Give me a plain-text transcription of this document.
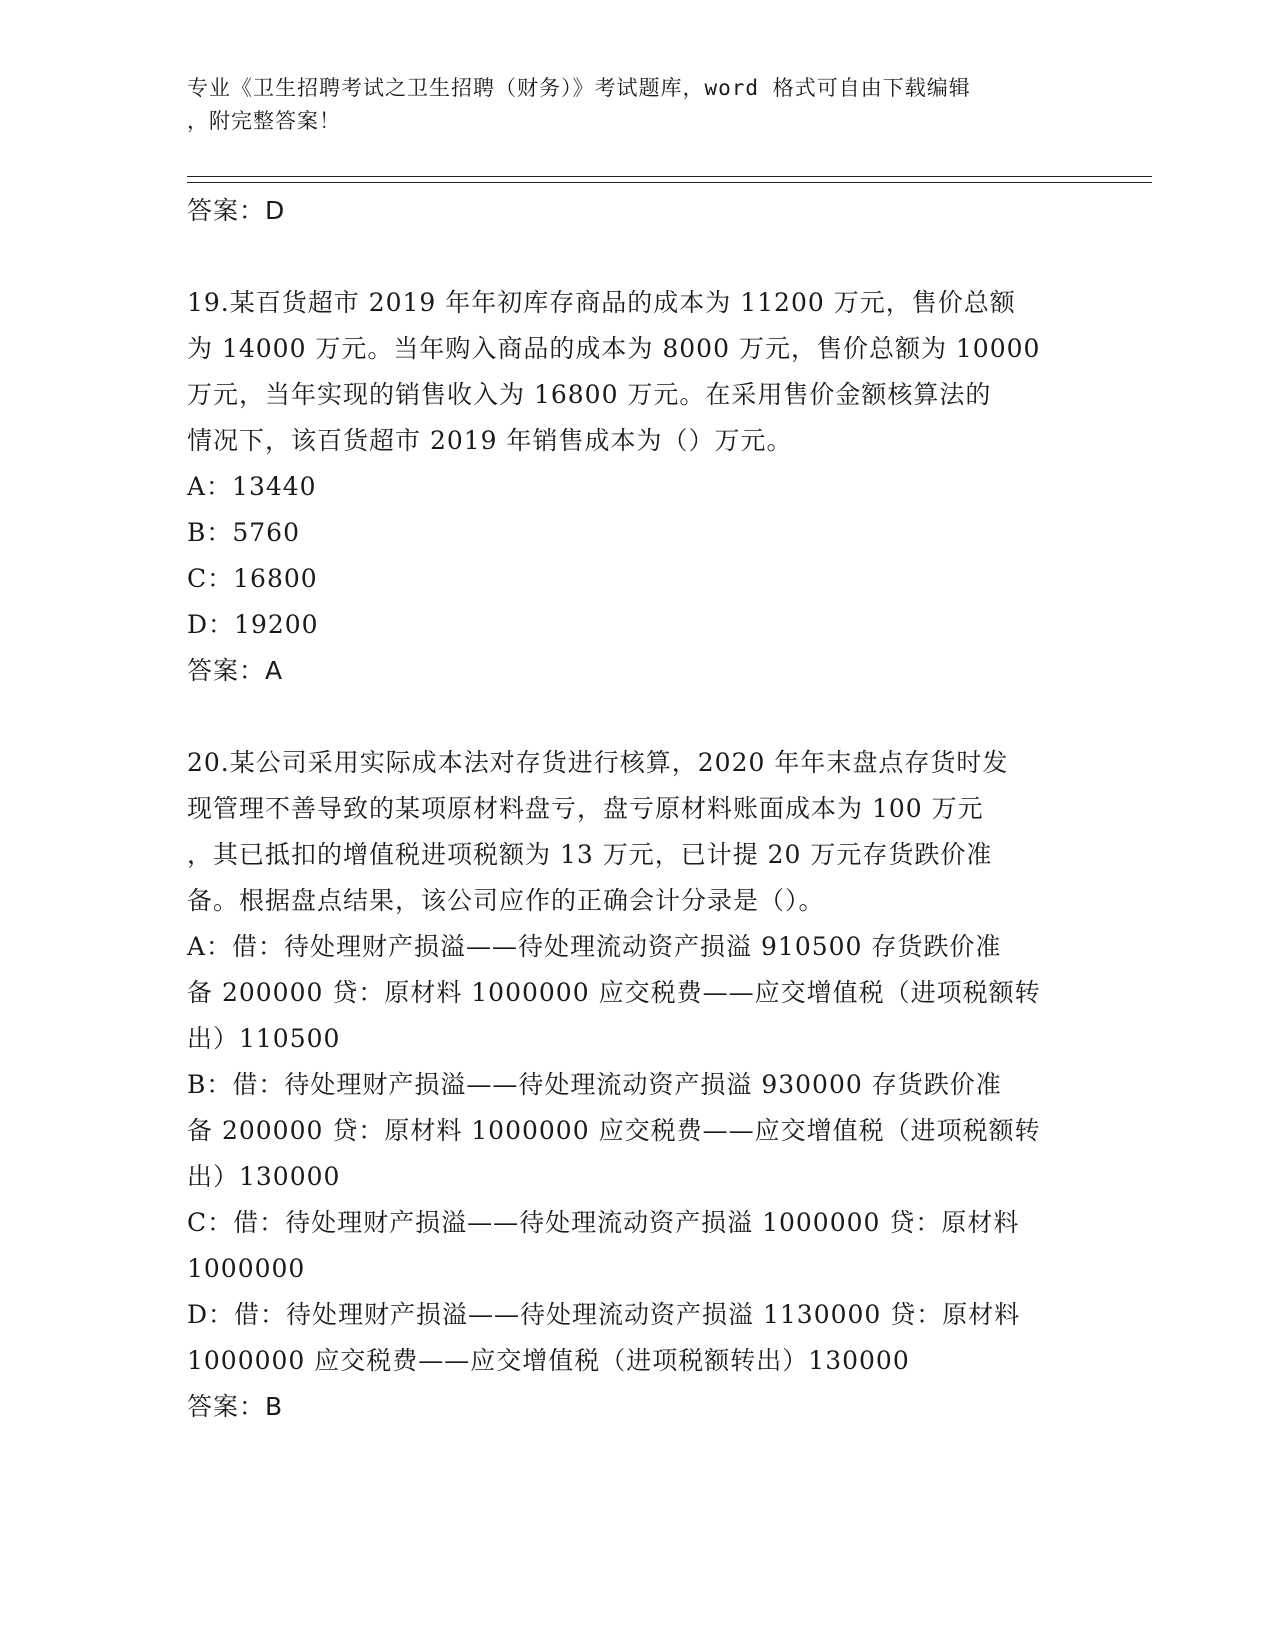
专业《卫生招聘考试之卫生招聘（财务）》考试题库，word 格式可自由下载编辑
，附完整答案！
答案：D
19.某百货超市 2019 年年初库存商品的成本为 11200 万元，售价总额
为 14000 万元。当年购入商品的成本为 8000 万元，售价总额为 10000
万元，当年实现的销售收入为 16800 万元。在采用售价金额核算法的
情况下，该百货超市 2019 年销售成本为（）万元。
A：13440
B：5760
C：16800
D：19200
答案：A
20.某公司采用实际成本法对存货进行核算，2020 年年末盘点存货时发
现管理不善导致的某项原材料盘亏，盘亏原材料账面成本为 100 万元
，其已抵扣的增值税进项税额为 13 万元，已计提 20 万元存货跌价准
备。根据盘点结果，该公司应作的正确会计分录是（）。
A：借：待处理财产损溢——待处理流动资产损溢 910500 存货跌价准
备 200000 贷：原材料 1000000 应交税费——应交增值税（进项税额转
出）110500
B：借：待处理财产损溢——待处理流动资产损溢 930000 存货跌价准
备 200000 贷：原材料 1000000 应交税费——应交增值税（进项税额转
出）130000
C：借：待处理财产损溢——待处理流动资产损溢 1000000 贷：原材料
1000000
D：借：待处理财产损溢——待处理流动资产损溢 1130000 贷：原材料
1000000 应交税费——应交增值税（进项税额转出）130000
答案：B
